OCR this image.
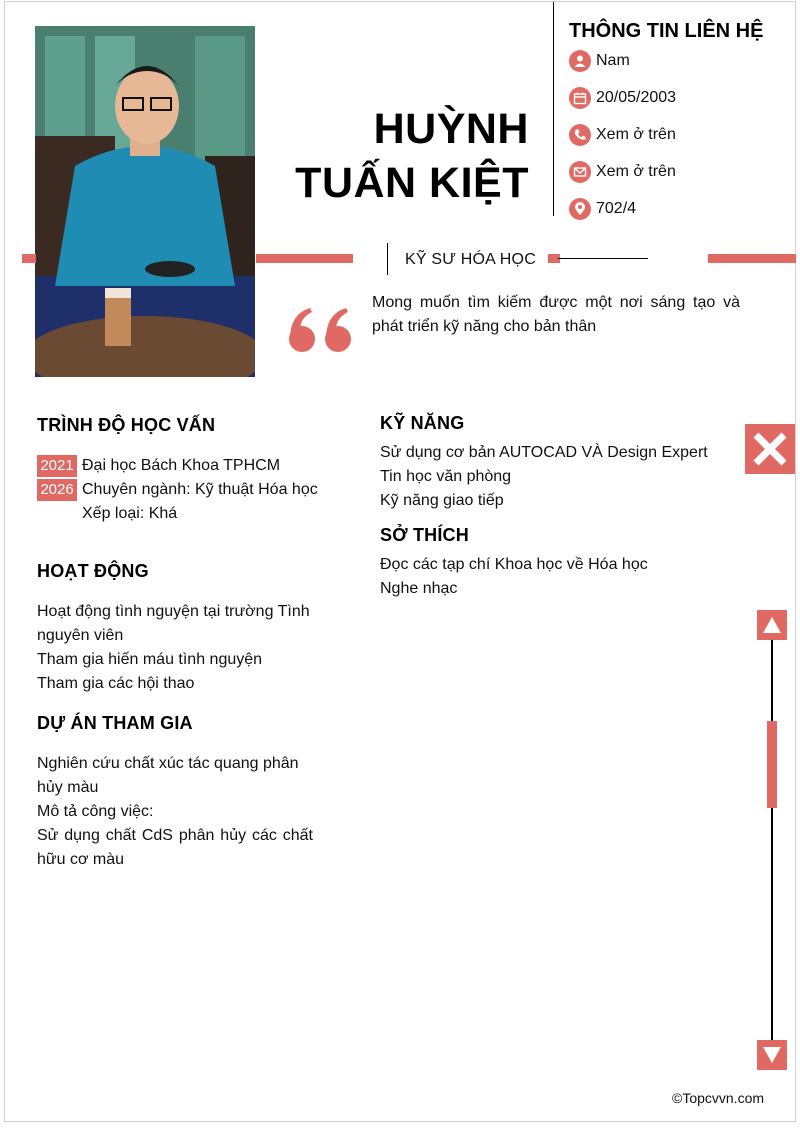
HUỲNH
TUẤN KIỆT
THÔNG TIN LIÊN HỆ
Nam
20/05/2003
Xem ở trên
Xem ở trên
702/4
KỸ SƯ HÓA HỌC
Mong muốn tìm kiếm được một nơi sáng tạo và phát triển kỹ năng cho bản thân
TRÌNH ĐỘ HỌC VẤN
2021
2026
Đại học Bách Khoa TPHCM
Chuyên ngành: Kỹ thuật Hóa học
Xếp loại: Khá
HOẠT ĐỘNG
Hoạt động tình nguyện tại trường Tình nguyên viên
Tham gia hiến máu tình nguyện
Tham gia các hội thao
DỰ ÁN THAM GIA
Nghiên cứu chất xúc tác quang phân hủy màu
Mô tả công việc:
Sử dụng chất CdS phân hủy các chất hữu cơ màu
KỸ NĂNG
Sử dụng cơ bản AUTOCAD VÀ Design Expert
Tin học văn phòng
Kỹ năng giao tiếp
SỞ THÍCH
Đọc các tạp chí Khoa học về Hóa học
Nghe nhạc
©Topcvvn.com
